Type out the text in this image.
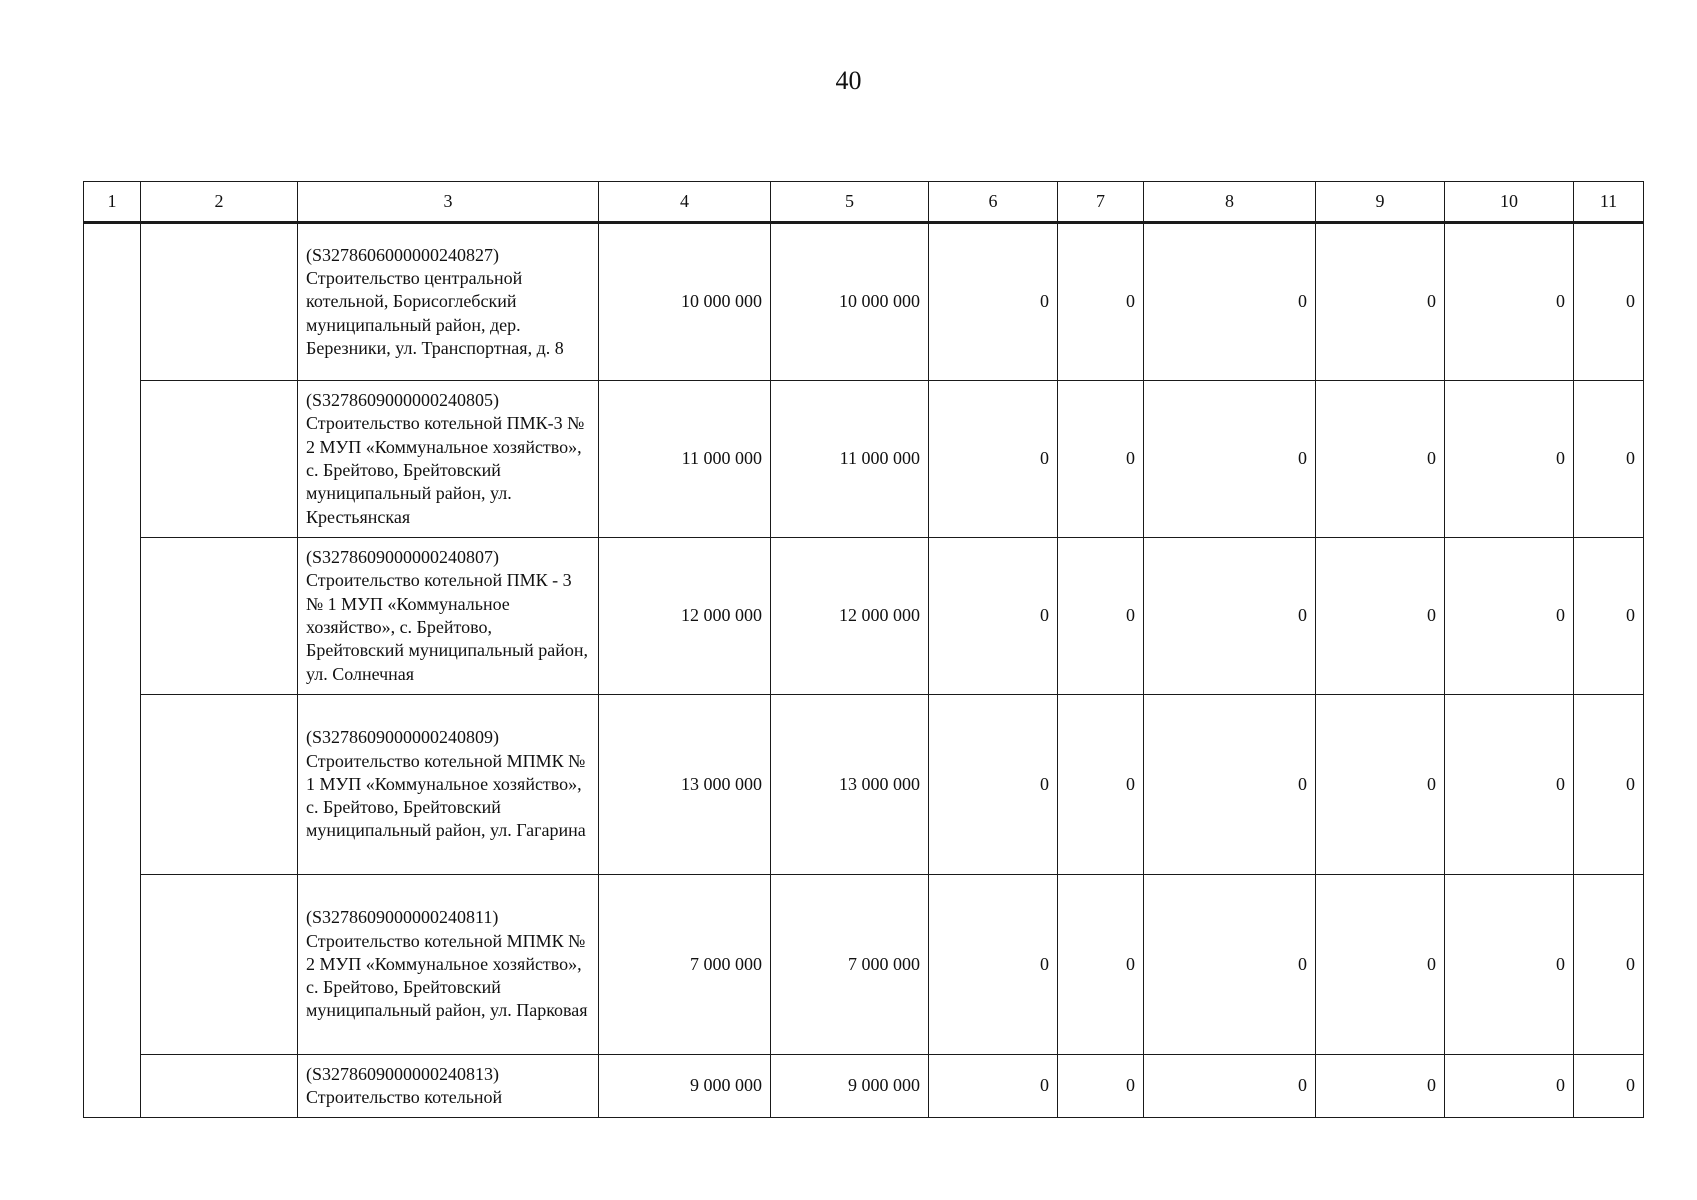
40
1	2	3	4	5	6	7	8	9	10	11

		(S3278606000000240827) Строительство центральной котельной, Борисоглебский муниципальный район, дер. Березники, ул. Транспортная, д. 8	10 000 000	10 000 000	0	0	0	0	0	0

		(S3278609000000240805) Строительство котельной ПМК-3 № 2 МУП «Коммунальное хозяйство», с. Брейтово, Брейтовский муниципальный район, ул. Крестьянская	11 000 000	11 000 000	0	0	0	0	0	0

		(S3278609000000240807) Строительство котельной ПМК - 3 № 1 МУП «Коммунальное хозяйство», с. Брейтово, Брейтовский муниципальный район, ул. Солнечная	12 000 000	12 000 000	0	0	0	0	0	0

		(S3278609000000240809) Строительство котельной МПМК № 1 МУП «Коммунальное хозяйство», с. Брейтово, Брейтовский муниципальный район, ул. Гагарина	13 000 000	13 000 000	0	0	0	0	0	0

		(S3278609000000240811) Строительство котельной МПМК № 2 МУП «Коммунальное хозяйство», с. Брейтово, Брейтовский муниципальный район, ул. Парковая	7 000 000	7 000 000	0	0	0	0	0	0

		(S3278609000000240813) Строительство котельной	9 000 000	9 000 000	0	0	0	0	0	0
